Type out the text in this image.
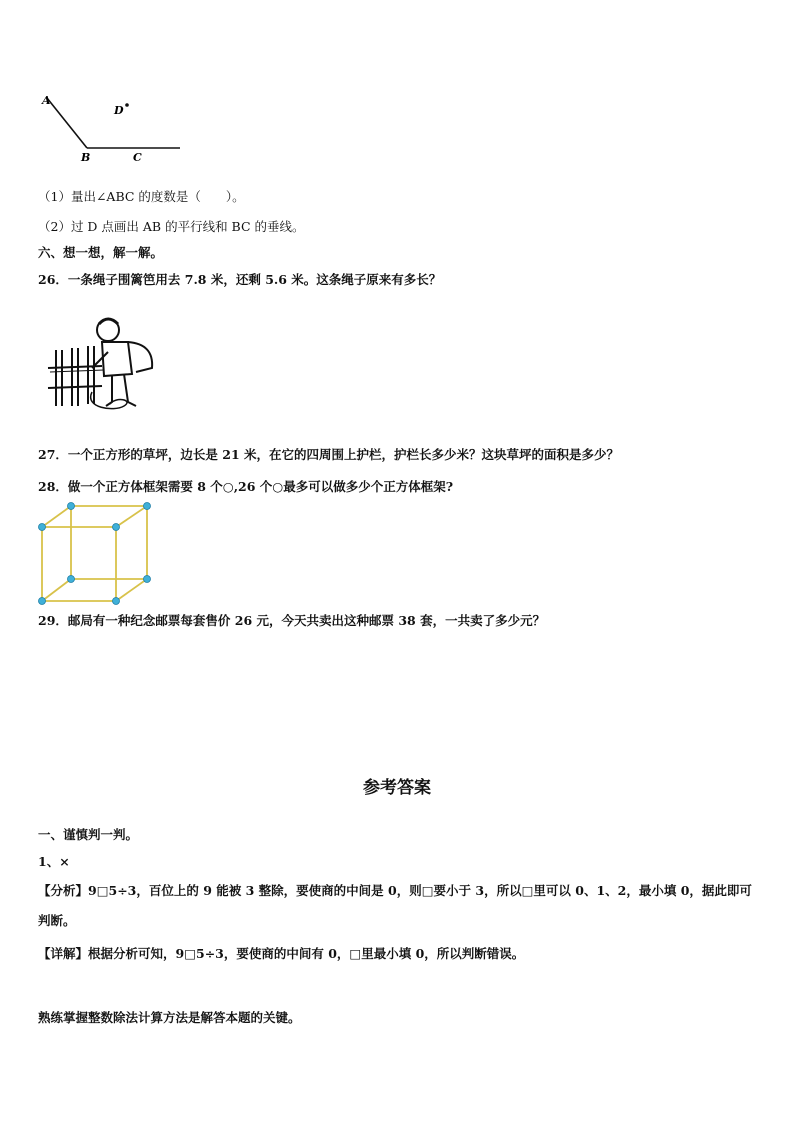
A
B	C
D
（1）量出∠ABC 的度数是（　　）。
（2）过 D 点画出 AB 的平行线和 BC 的垂线。
六、想一想，解一解。
26．一条绳子围篱笆用去 7.8 米，还剩 5.6 米。这条绳子原来有多长？
27．一个正方形的草坪，边长是 21 米，在它的四周围上护栏，护栏长多少米？这块草坪的面积是多少？
28．做一个正方体框架需要 8 个○,26 个○最多可以做多少个正方体框架?
29．邮局有一种纪念邮票每套售价 26 元，今天共卖出这种邮票 38 套，一共卖了多少元？
参考答案
一、谨慎判一判。
1、×
【分析】9□5÷3，百位上的 9 能被 3 整除，要使商的中间是 0，则□要小于 3，所以□里可以 0、1、2，最小填 0，据此即可判断。
【详解】根据分析可知，9□5÷3，要使商的中间有 0，□里最小填 0，所以判断错误。
熟练掌握整数除法计算方法是解答本题的关键。
